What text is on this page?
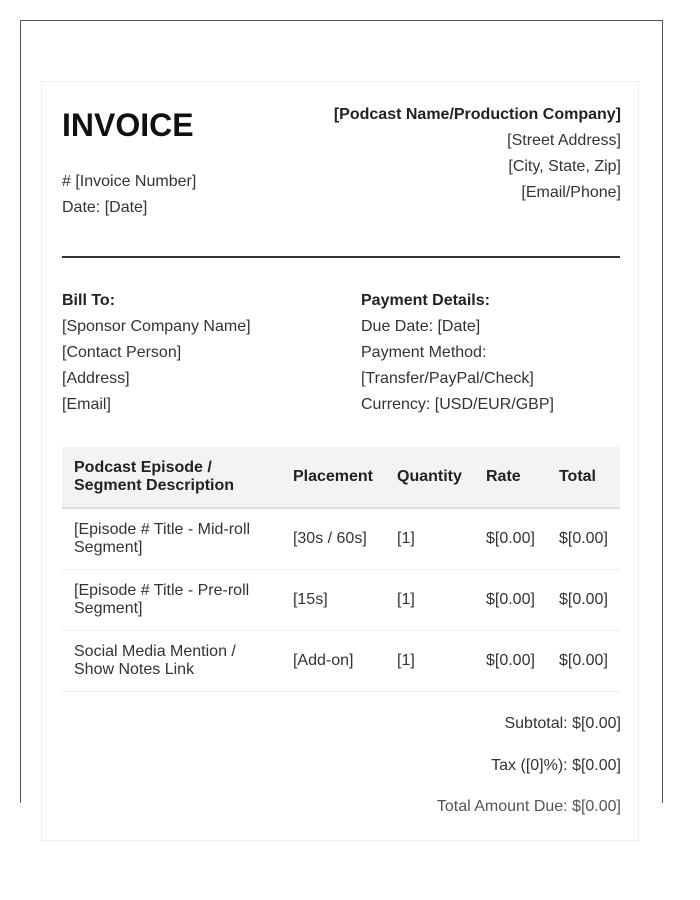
INVOICE
# [Invoice Number]
Date: [Date]
[Podcast Name/Production Company]
[Street Address]
[City, State, Zip]
[Email/Phone]
Bill To:
[Sponsor Company Name]
[Contact Person]
[Address]
[Email]
Payment Details:
Due Date: [Date]
Payment Method:
[Transfer/PayPal/Check]
Currency: [USD/EUR/GBP]
Podcast Episode / Segment Description	Placement	Quantity	Rate	Total
[Episode # Title - Mid-roll Segment]	[30s / 60s]	[1]	$[0.00]	$[0.00]
[Episode # Title - Pre-roll Segment]	[15s]	[1]	$[0.00]	$[0.00]
Social Media Mention / Show Notes Link	[Add-on]	[1]	$[0.00]	$[0.00]
Subtotal: $[0.00]
Tax ([0]%): $[0.00]
Total Amount Due: $[0.00]
